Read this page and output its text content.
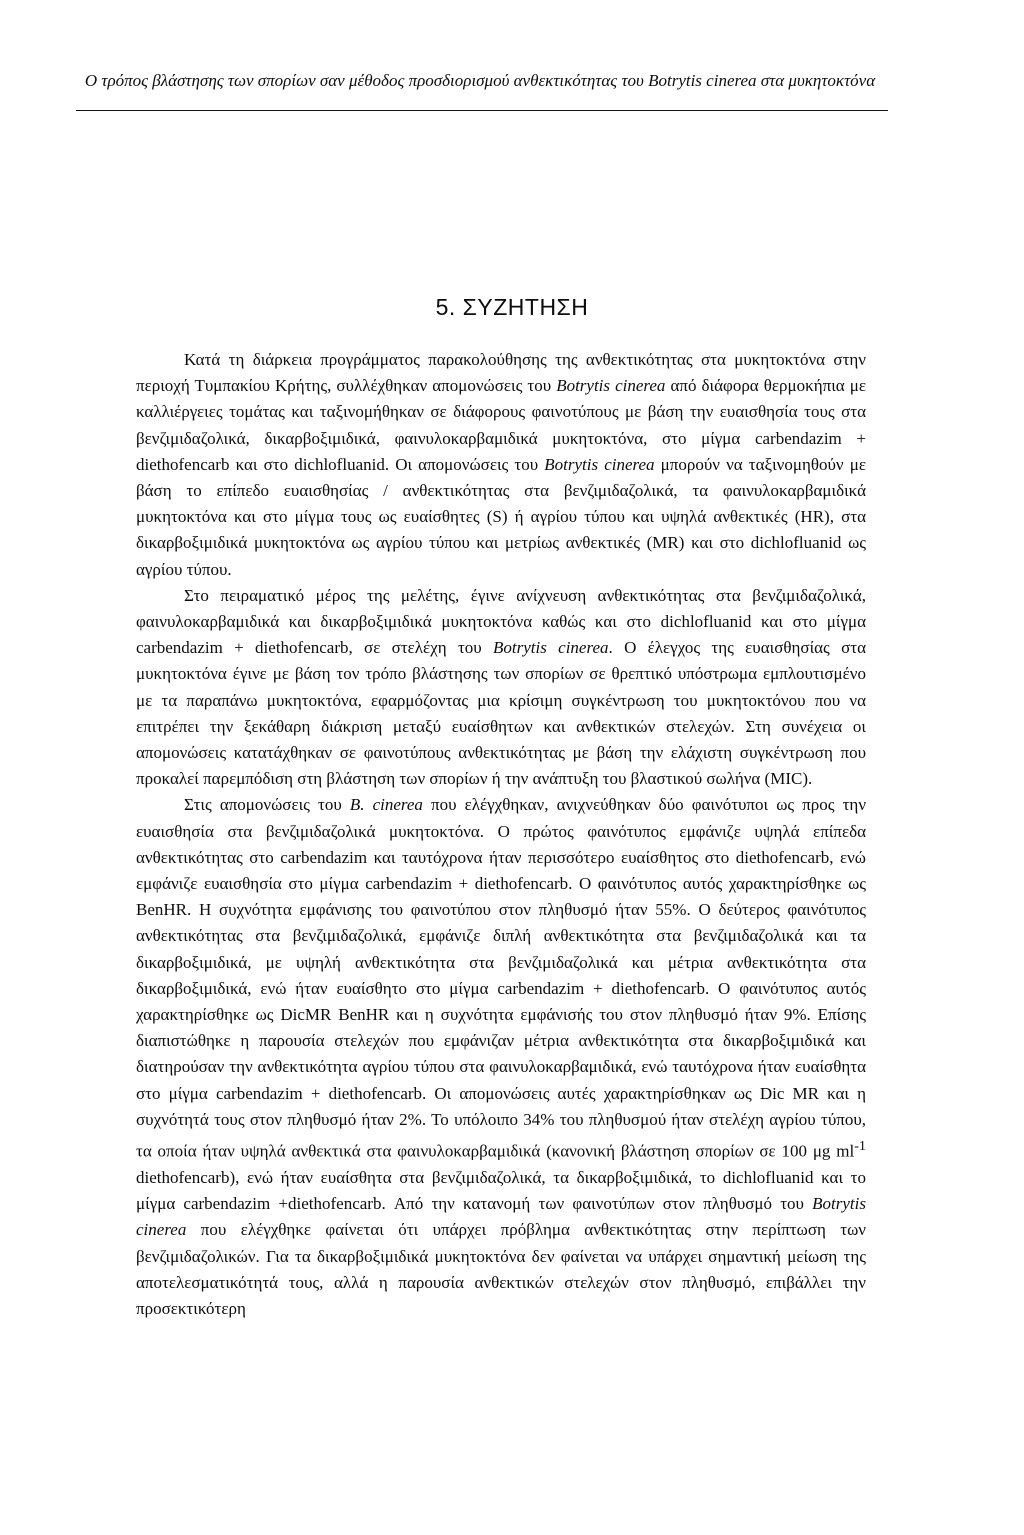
Ο τρόπος βλάστησης των σπορίων σαν μέθοδος προσδιορισμού ανθεκτικότητας του Botrytis cinerea στα μυκητοκτόνα
5. ΣΥΖΗΤΗΣΗ

Κατά τη διάρκεια προγράμματος παρακολούθησης της ανθεκτικότητας στα μυκητοκτόνα στην περιοχή Τυμπακίου Κρήτης, συλλέχθηκαν απομονώσεις του Botrytis cinerea από διάφορα θερμοκήπια με καλλιέργειες τομάτας και ταξινομήθηκαν σε διάφορους φαινοτύπους με βάση την ευαισθησία τους στα βενζιμιδαζολικά, δικαρβοξιμιδικά, φαινυλοκαρβαμιδικά μυκητοκτόνα, στο μίγμα carbendazim + diethofencarb και στο dichlofluanid. Οι απομονώσεις του Botrytis cinerea μπορούν να ταξινομηθούν με βάση το επίπεδο ευαισθησίας / ανθεκτικότητας στα βενζιμιδαζολικά, τα φαινυλοκαρβαμιδικά μυκητοκτόνα και στο μίγμα τους ως ευαίσθητες (S) ή αγρίου τύπου και υψηλά ανθεκτικές (HR), στα δικαρβοξιμιδικά μυκητοκτόνα ως αγρίου τύπου και μετρίως ανθεκτικές (MR) και στο dichlofluanid ως αγρίου τύπου.

Στο πειραματικό μέρος της μελέτης, έγινε ανίχνευση ανθεκτικότητας στα βενζιμιδαζολικά, φαινυλοκαρβαμιδικά και δικαρβοξιμιδικά μυκητοκτόνα καθώς και στο dichlofluanid και στο μίγμα carbendazim + diethofencarb, σε στελέχη του Botrytis cinerea. Ο έλεγχος της ευαισθησίας στα μυκητοκτόνα έγινε με βάση τον τρόπο βλάστησης των σπορίων σε θρεπτικό υπόστρωμα εμπλουτισμένο με τα παραπάνω μυκητοκτόνα, εφαρμόζοντας μια κρίσιμη συγκέντρωση του μυκητοκτόνου που να επιτρέπει την ξεκάθαρη διάκριση μεταξύ ευαίσθητων και ανθεκτικών στελεχών. Στη συνέχεια οι απομονώσεις κατατάχθηκαν σε φαινοτύπους ανθεκτικότητας με βάση την ελάχιστη συγκέντρωση που προκαλεί παρεμπόδιση στη βλάστηση των σπορίων ή την ανάπτυξη του βλαστικού σωλήνα (MIC).

Στις απομονώσεις του B. cinerea που ελέγχθηκαν, ανιχνεύθηκαν δύο φαινότυποι ως προς την ευαισθησία στα βενζιμιδαζολικά μυκητοκτόνα. Ο πρώτος φαινότυπος εμφάνιζε υψηλά επίπεδα ανθεκτικότητας στο carbendazim και ταυτόχρονα ήταν περισσότερο ευαίσθητος στο diethofencarb, ενώ εμφάνιζε ευαισθησία στο μίγμα carbendazim + diethofencarb. Ο φαινότυπος αυτός χαρακτηρίσθηκε ως BenHR. Η συχνότητα εμφάνισης του φαινοτύπου στον πληθυσμό ήταν 55%. Ο δεύτερος φαινότυπος ανθεκτικότητας στα βενζιμιδαζολικά, εμφάνιζε διπλή ανθεκτικότητα στα βενζιμιδαζολικά και τα δικαρβοξιμιδικά, με υψηλή ανθεκτικότητα στα βενζιμιδαζολικά και μέτρια ανθεκτικότητα στα δικαρβοξιμιδικά, ενώ ήταν ευαίσθητο στο μίγμα carbendazim + diethofencarb. Ο φαινότυπος αυτός χαρακτηρίσθηκε ως DicMR BenHR και η συχνότητα εμφάνισής του στον πληθυσμό ήταν 9%. Επίσης διαπιστώθηκε η παρουσία στελεχών που εμφάνιζαν μέτρια ανθεκτικότητα στα δικαρβοξιμιδικά και διατηρούσαν την ανθεκτικότητα αγρίου τύπου στα φαινυλοκαρβαμιδικά, ενώ ταυτόχρονα ήταν ευαίσθητα στο μίγμα carbendazim + diethofencarb. Οι απομονώσεις αυτές χαρακτηρίσθηκαν ως Dic MR και η συχνότητά τους στον πληθυσμό ήταν 2%. Το υπόλοιπο 34% του πληθυσμού ήταν στελέχη αγρίου τύπου, τα οποία ήταν υψηλά ανθεκτικά στα φαινυλοκαρβαμιδικά (κανονική βλάστηση σπορίων σε 100 μg $ml^{-1}$ diethofencarb), ενώ ήταν ευαίσθητα στα βενζιμιδαζολικά, τα δικαρβοξιμιδικά, το dichlofluanid και το μίγμα carbendazim +diethofencarb. Από την κατανομή των φαινοτύπων στον πληθυσμό του Botrytis cinerea που ελέγχθηκε φαίνεται ότι υπάρχει πρόβλημα ανθεκτικότητας στην περίπτωση των βενζιμιδαζολικών. Για τα δικαρβοξιμιδικά μυκητοκτόνα δεν φαίνεται να υπάρχει σημαντική μείωση της αποτελεσματικότητά τους, αλλά η παρουσία ανθεκτικών στελεχών στον πληθυσμό, επιβάλλει την προσεκτικότερη
